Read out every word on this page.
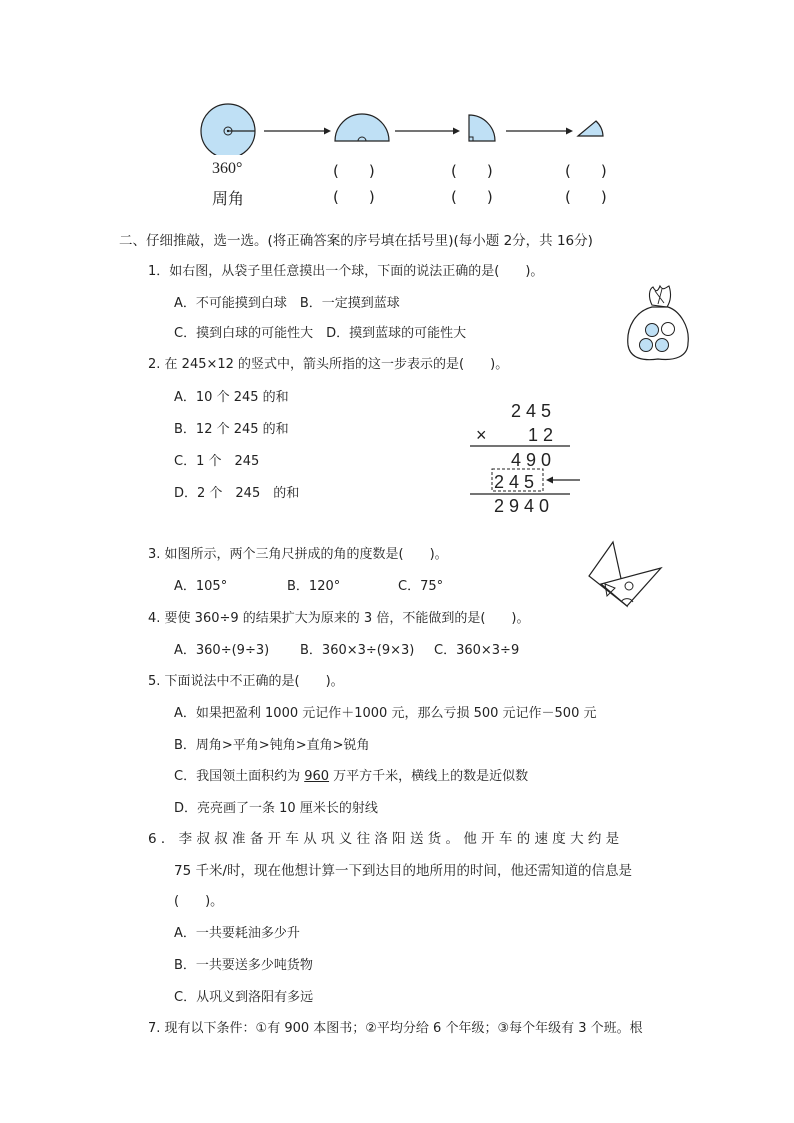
360°
周角
(　　)	(　　)	(　　)
(　　)	(　　)	(　　)
二、仔细推敲，选一选。(将正确答案的序号填在括号里)(每小题 2分，共 16分)
1．如右图，从袋子里任意摸出一个球，下面的说法正确的是(　　)。
A．不可能摸到白球　B．一定摸到蓝球
C．摸到白球的可能性大　D．摸到蓝球的可能性大
2. 在 245×12 的竖式中，箭头所指的这一步表示的是(　　)。
A．10 个 245 的和
B．12 个 245 的和
C．1 个　245
D．2 个　245　的和
2 4 5
× 1 2
4 9 0
2 4 5
2 9 4 0
3. 如图所示，两个三角尺拼成的角的度数是(　　)。
A．105°	B．120°	C．75°
4. 要使 360÷9 的结果扩大为原来的 3 倍，不能做到的是(　　)。
A．360÷(9÷3) B．360×3÷(9×3) C．360×3÷9
5. 下面说法中不正确的是(　　)。
A．如果把盈利 1000 元记作＋1000 元，那么亏损 500 元记作－500 元
B．周角>平角>钝角>直角>锐角
C．我国领土面积约为 960 万平方千米，横线上的数是近似数
D．亮亮画了一条 10 厘米长的射线
6 ． 李 叔 叔 准 备 开 车 从 巩 义 往 洛 阳 送 货 。 他 开 车 的 速 度 大 约 是
75 千米/时，现在他想计算一下到达目的地所用的时间，他还需知道的信息是
(　　)。
A．一共要耗油多少升
B．一共要送多少吨货物
C．从巩义到洛阳有多远
7. 现有以下条件：①有 900 本图书；②平均分给 6 个年级；③每个年级有 3 个班。根
